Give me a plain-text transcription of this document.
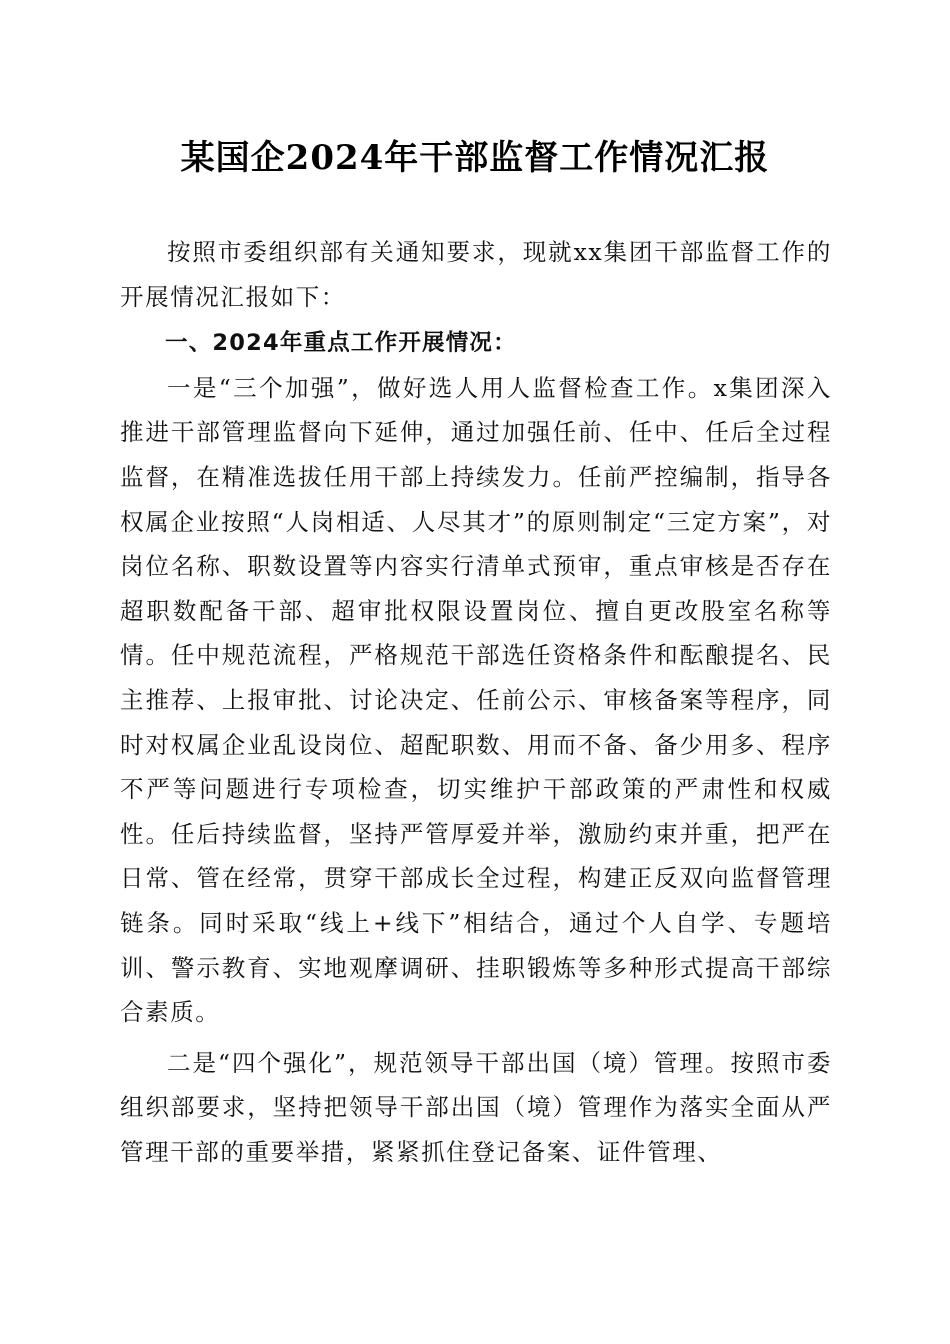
某国企2024年干部监督工作情况汇报

按照市委组织部有关通知要求，现就xx集团干部监督工作的开展情况汇报如下：

一、2024年重点工作开展情况：

一是“三个加强”，做好选人用人监督检查工作。x集团深入推进干部管理监督向下延伸，通过加强任前、任中、任后全过程监督，在精准选拔任用干部上持续发力。任前严控编制，指导各权属企业按照“人岗相适、人尽其才”的原则制定“三定方案”，对岗位名称、职数设置等内容实行清单式预审，重点审核是否存在超职数配备干部、超审批权限设置岗位、擅自更改股室名称等情。任中规范流程，严格规范干部选任资格条件和酝酿提名、民主推荐、上报审批、讨论决定、任前公示、审核备案等程序，同时对权属企业乱设岗位、超配职数、用而不备、备少用多、程序不严等问题进行专项检查，切实维护干部政策的严肃性和权威性。任后持续监督，坚持严管厚爱并举，激励约束并重，把严在日常、管在经常，贯穿干部成长全过程，构建正反双向监督管理链条。同时采取“线上+线下”相结合，通过个人自学、专题培训、警示教育、实地观摩调研、挂职锻炼等多种形式提高干部综合素质。

二是“四个强化”，规范领导干部出国（境）管理。按照市委组织部要求，坚持把领导干部出国（境）管理作为落实全面从严管理干部的重要举措，紧紧抓住登记备案、证件管理、
